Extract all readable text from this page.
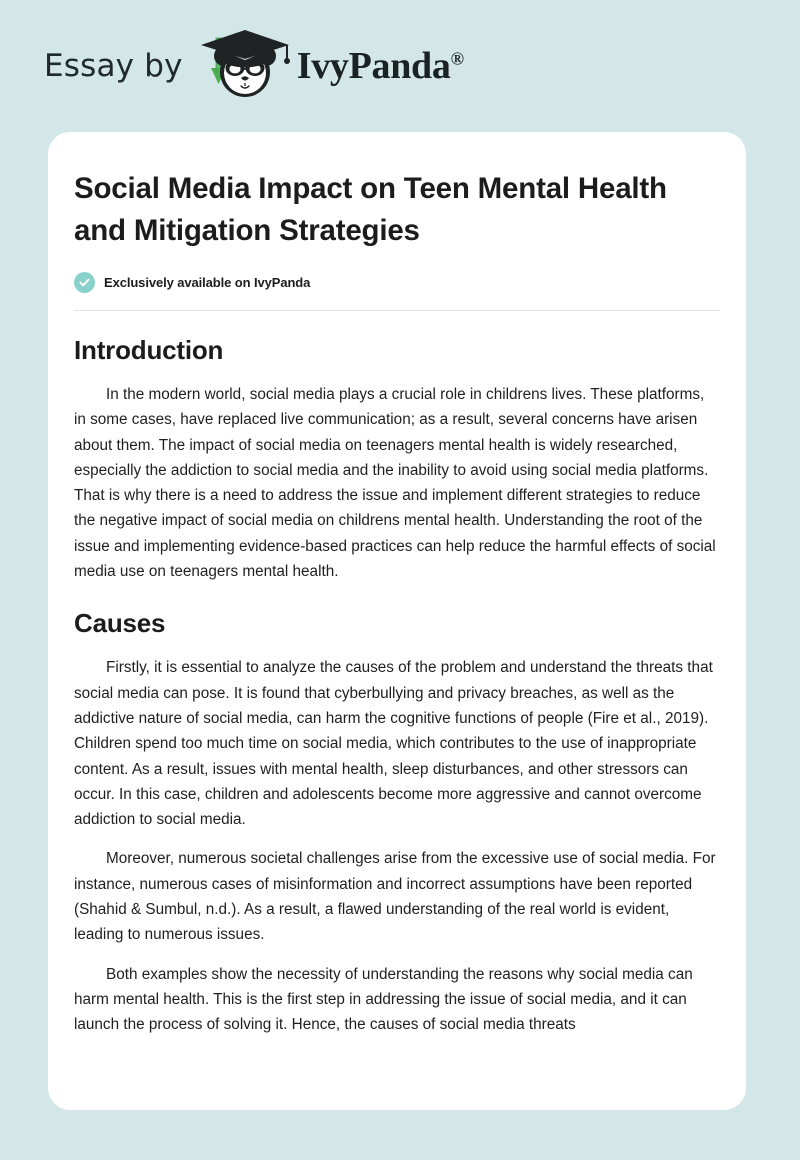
Essay by	IvyPanda®
Social Media Impact on Teen Mental Health and Mitigation Strategies
Exclusively available on IvyPanda
Introduction

In the modern world, social media plays a crucial role in childrens lives. These platforms, in some cases, have replaced live communication; as a result, several concerns have arisen about them. The impact of social media on teenagers mental health is widely researched, especially the addiction to social media and the inability to avoid using social media platforms. That is why there is a need to address the issue and implement different strategies to reduce the negative impact of social media on childrens mental health. Understanding the root of the issue and implementing evidence-based practices can help reduce the harmful effects of social media use on teenagers mental health.

Causes

Firstly, it is essential to analyze the causes of the problem and understand the threats that social media can pose. It is found that cyberbullying and privacy breaches, as well as the addictive nature of social media, can harm the cognitive functions of people (Fire et al., 2019). Children spend too much time on social media, which contributes to the use of inappropriate content. As a result, issues with mental health, sleep disturbances, and other stressors can occur. In this case, children and adolescents become more aggressive and cannot overcome addiction to social media.

Moreover, numerous societal challenges arise from the excessive use of social media. For instance, numerous cases of misinformation and incorrect assumptions have been reported (Shahid & Sumbul, n.d.). As a result, a flawed understanding of the real world is evident, leading to numerous issues.

Both examples show the necessity of understanding the reasons why social media can harm mental health. This is the first step in addressing the issue of social media, and it can launch the process of solving it. Hence, the causes of social media threats
